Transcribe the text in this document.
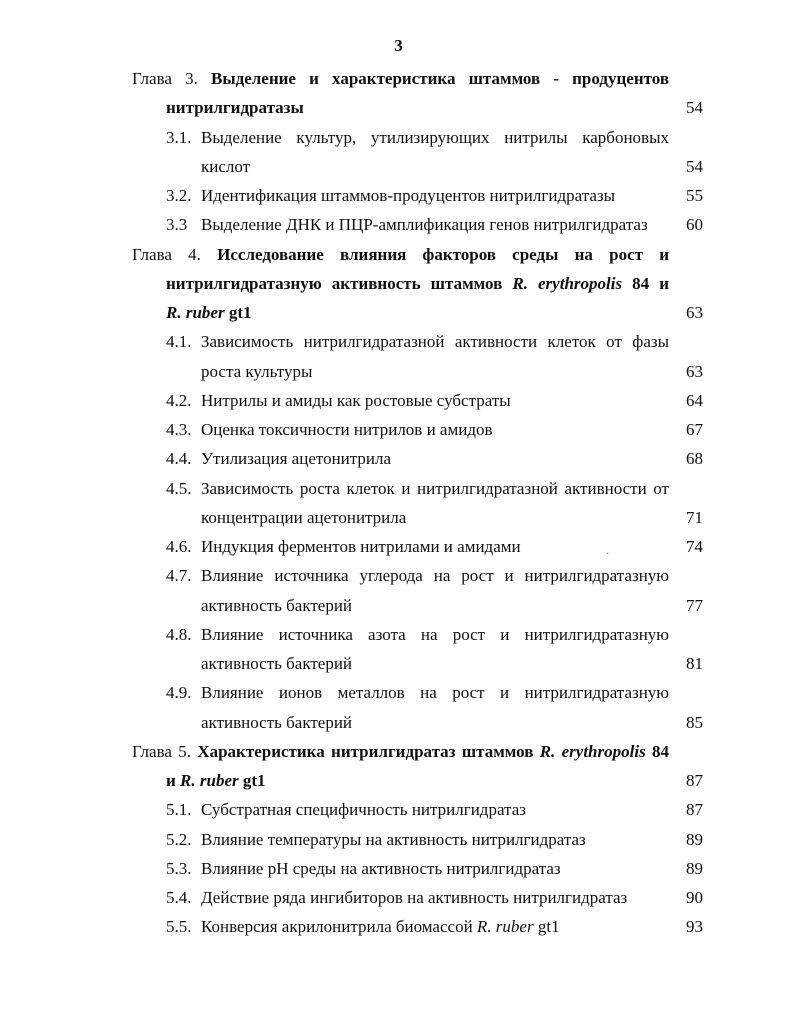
3
Глава 3. Выделение и характеристика штаммов - продуцентов
нитрилгидратазы	54
3.1. Выделение культур, утилизирующих нитрилы карбоновых
кислот	54
3.2. Идентификация штаммов-продуцентов нитрилгидратазы	55
3.3 Выделение ДНК и ПЦР-амплификация генов нитрилгидратаз	60
Глава 4. Исследование влияния факторов среды на рост и
нитрилгидратазную активность штаммов R. erythropolis 84 и
R. ruber gt1	63
4.1. Зависимость нитрилгидратазной активности клеток от фазы
роста культуры	63
4.2. Нитрилы и амиды как ростовые субстраты	64
4.3. Оценка токсичности нитрилов и амидов	67
4.4. Утилизация ацетонитрила	68
4.5. Зависимость роста клеток и нитрилгидратазной активности от
концентрации ацетонитрила	71
4.6. Индукция ферментов нитрилами и амидами	74
4.7. Влияние источника углерода на рост и нитрилгидратазную
активность бактерий	77
4.8. Влияние источника азота на рост и нитрилгидратазную
активность бактерий	81
4.9. Влияние ионов металлов на рост и нитрилгидратазную
активность бактерий	85
Глава 5. Характеристика нитрилгидратаз штаммов R. erythropolis 84
и R. ruber gt1	87
5.1. Субстратная специфичность нитрилгидратаз	87
5.2. Влияние температуры на активность нитрилгидратаз	89
5.3. Влияние pH среды на активность нитрилгидратаз	89
5.4. Действие ряда ингибиторов на активность нитрилгидратаз	90
5.5. Конверсия акрилонитрила биомассой R. ruber gt1	93
·
